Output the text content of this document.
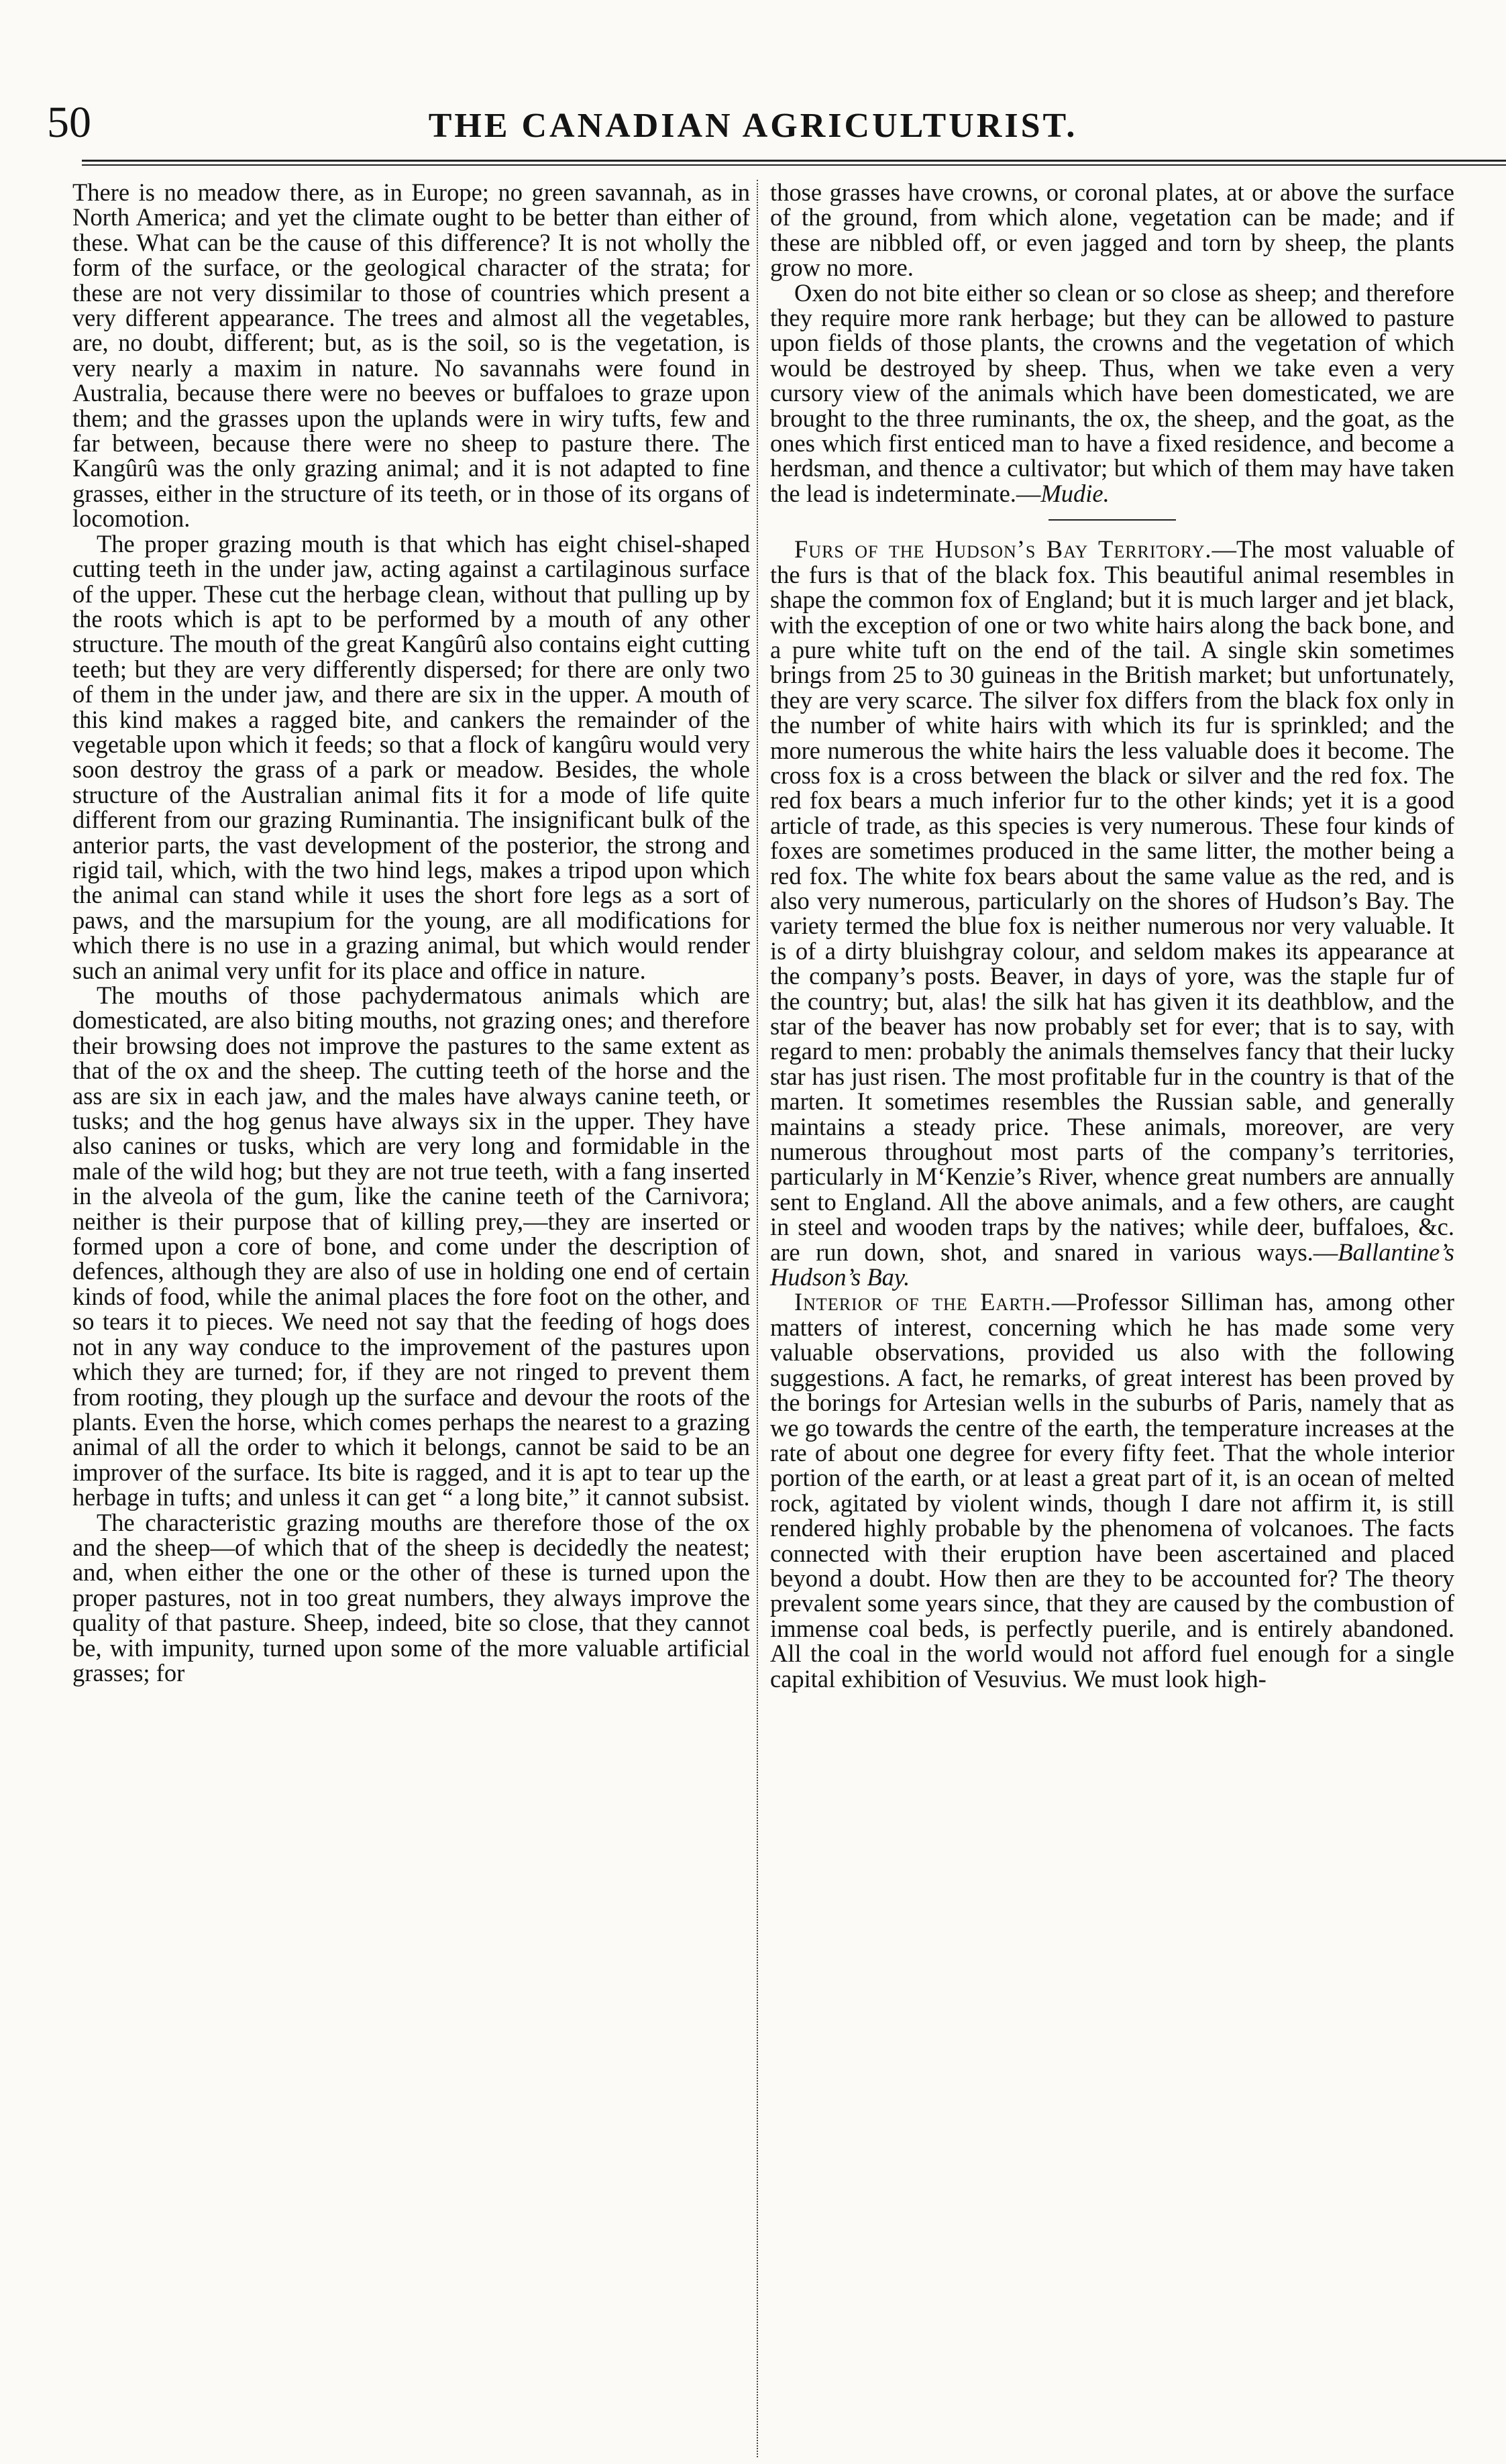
50	THE CANADIAN AGRICULTURIST.

There is no meadow there, as in Europe; no green savannah, as in North America; and yet the climate ought to be better than either of these. What can be the cause of this difference? It is not wholly the form of the surface, or the geological character of the strata; for these are not very dissimilar to those of countries which present a very different appearance. The trees and almost all the vegetables, are, no doubt, different; but, as is the soil, so is the vegetation, is very nearly a maxim in nature. No savannahs were found in Australia, because there were no beeves or buffaloes to graze upon them; and the grasses upon the uplands were in wiry tufts, few and far between, because there were no sheep to pasture there. The Kangûrû was the only grazing animal; and it is not adapted to fine grasses, either in the structure of its teeth, or in those of its organs of locomotion.

The proper grazing mouth is that which has eight chisel-shaped cutting teeth in the under jaw, acting against a cartilaginous surface of the upper. These cut the herbage clean, without that pulling up by the roots which is apt to be performed by a mouth of any other structure. The mouth of the great Kangûrû also contains eight cutting teeth; but they are very differently dispersed; for there are only two of them in the under jaw, and there are six in the upper. A mouth of this kind makes a ragged bite, and cankers the remainder of the vegetable upon which it feeds; so that a flock of kangûru would very soon destroy the grass of a park or meadow. Besides, the whole structure of the Australian animal fits it for a mode of life quite different from our grazing Ruminantia. The insignificant bulk of the anterior parts, the vast development of the posterior, the strong and rigid tail, which, with the two hind legs, makes a tripod upon which the animal can stand while it uses the short fore legs as a sort of paws, and the marsupium for the young, are all modifications for which there is no use in a grazing animal, but which would render such an animal very unfit for its place and office in nature.

The mouths of those pachydermatous animals which are domesticated, are also biting mouths, not grazing ones; and therefore their browsing does not improve the pastures to the same extent as that of the ox and the sheep. The cutting teeth of the horse and the ass are six in each jaw, and the males have always canine teeth, or tusks; and the hog genus have always six in the upper. They have also canines or tusks, which are very long and formidable in the male of the wild hog; but they are not true teeth, with a fang inserted in the alveola of the gum, like the canine teeth of the Carnivora; neither is their purpose that of killing prey,—they are inserted or formed upon a core of bone, and come under the description of defences, although they are also of use in holding one end of certain kinds of food, while the animal places the fore foot on the other, and so tears it to pieces. We need not say that the feeding of hogs does not in any way conduce to the improvement of the pastures upon which they are turned; for, if they are not ringed to prevent them from rooting, they plough up the surface and devour the roots of the plants. Even the horse, which comes perhaps the nearest to a grazing animal of all the order to which it belongs, cannot be said to be an improver of the surface. Its bite is ragged, and it is apt to tear up the herbage in tufts; and unless it can get “ a long bite,” it cannot subsist.

The characteristic grazing mouths are therefore those of the ox and the sheep—of which that of the sheep is decidedly the neatest; and, when either the one or the other of these is turned upon the proper pastures, not in too great numbers, they always improve the quality of that pasture. Sheep, indeed, bite so close, that they cannot be, with impunity, turned upon some of the more valuable artificial grasses; for

those grasses have crowns, or coronal plates, at or above the surface of the ground, from which alone, vegetation can be made; and if these are nibbled off, or even jagged and torn by sheep, the plants grow no more.

Oxen do not bite either so clean or so close as sheep; and therefore they require more rank herbage; but they can be allowed to pasture upon fields of those plants, the crowns and the vegetation of which would be destroyed by sheep. Thus, when we take even a very cursory view of the animals which have been domesticated, we are brought to the three ruminants, the ox, the sheep, and the goat, as the ones which first enticed man to have a fixed residence, and become a herdsman, and thence a cultivator; but which of them may have taken the lead is indeterminate.—Mudie.

Furs of the Hudson’s Bay Territory.—The most valuable of the furs is that of the black fox. This beautiful animal resembles in shape the common fox of England; but it is much larger and jet black, with the exception of one or two white hairs along the back bone, and a pure white tuft on the end of the tail. A single skin sometimes brings from 25 to 30 guineas in the British market; but unfortunately, they are very scarce. The silver fox differs from the black fox only in the number of white hairs with which its fur is sprinkled; and the more numerous the white hairs the less valuable does it become. The cross fox is a cross between the black or silver and the red fox. The red fox bears a much inferior fur to the other kinds; yet it is a good article of trade, as this species is very numerous. These four kinds of foxes are sometimes produced in the same litter, the mother being a red fox. The white fox bears about the same value as the red, and is also very numerous, particularly on the shores of Hudson’s Bay. The variety termed the blue fox is neither numerous nor very valuable. It is of a dirty bluishgray colour, and seldom makes its appearance at the company’s posts. Beaver, in days of yore, was the staple fur of the country; but, alas! the silk hat has given it its deathblow, and the star of the beaver has now probably set for ever; that is to say, with regard to men: probably the animals themselves fancy that their lucky star has just risen. The most profitable fur in the country is that of the marten. It sometimes resembles the Russian sable, and generally maintains a steady price. These animals, moreover, are very numerous throughout most parts of the company’s territories, particularly in M‘Kenzie’s River, whence great numbers are annually sent to England. All the above animals, and a few others, are caught in steel and wooden traps by the natives; while deer, buffaloes, &c. are run down, shot, and snared in various ways.—Ballantine’s Hudson’s Bay.

Interior of the Earth.—Professor Silliman has, among other matters of interest, concerning which he has made some very valuable observations, provided us also with the following suggestions. A fact, he remarks, of great interest has been proved by the borings for Artesian wells in the suburbs of Paris, namely that as we go towards the centre of the earth, the temperature increases at the rate of about one degree for every fifty feet. That the whole interior portion of the earth, or at least a great part of it, is an ocean of melted rock, agitated by violent winds, though I dare not affirm it, is still rendered highly probable by the phenomena of volcanoes. The facts connected with their eruption have been ascertained and placed beyond a doubt. How then are they to be accounted for? The theory prevalent some years since, that they are caused by the combustion of immense coal beds, is perfectly puerile, and is entirely abandoned. All the coal in the world would not afford fuel enough for a single capital exhibition of Vesuvius. We must look high-
